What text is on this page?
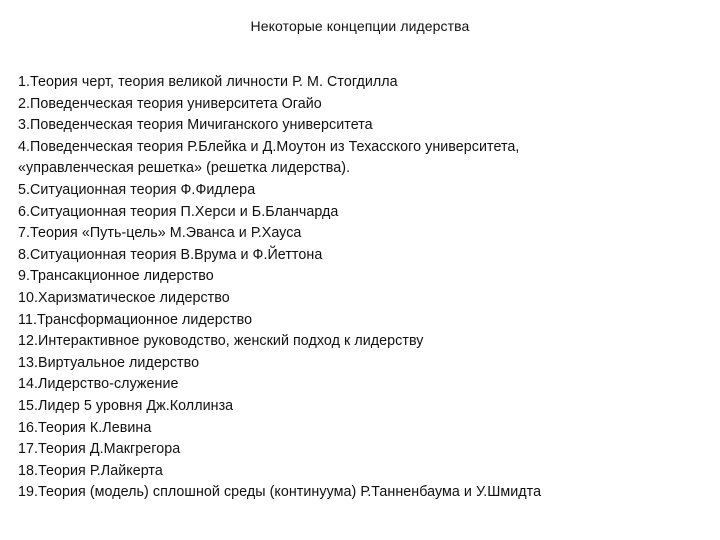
Некоторые концепции лидерства
1.Теория черт, теория великой личности Р. М. Стогдилла
2.Поведенческая теория университета Огайо
3.Поведенческая теория Мичиганского университета
4.Поведенческая теория Р.Блейка и Д.Моутон из Техасского университета,
«управленческая решетка» (решетка лидерства).
5.Ситуационная теория Ф.Фидлера
6.Ситуационная теория П.Херси и Б.Бланчарда
7.Теория «Путь-цель» М.Эванса и Р.Хауса
8.Ситуационная теория В.Врума и Ф.Йеттона
9.Трансакционное лидерство
10.Харизматическое лидерство
11.Трансформационное лидерство
12.Интерактивное руководство, женский подход к лидерству
13.Виртуальное лидерство
14.Лидерство-служение
15.Лидер 5 уровня Дж.Коллинза
16.Теория К.Левина
17.Теория Д.Макгрегора
18.Теория Р.Лайкерта
19.Теория (модель) сплошной среды (континуума) Р.Танненбаума и У.Шмидта
